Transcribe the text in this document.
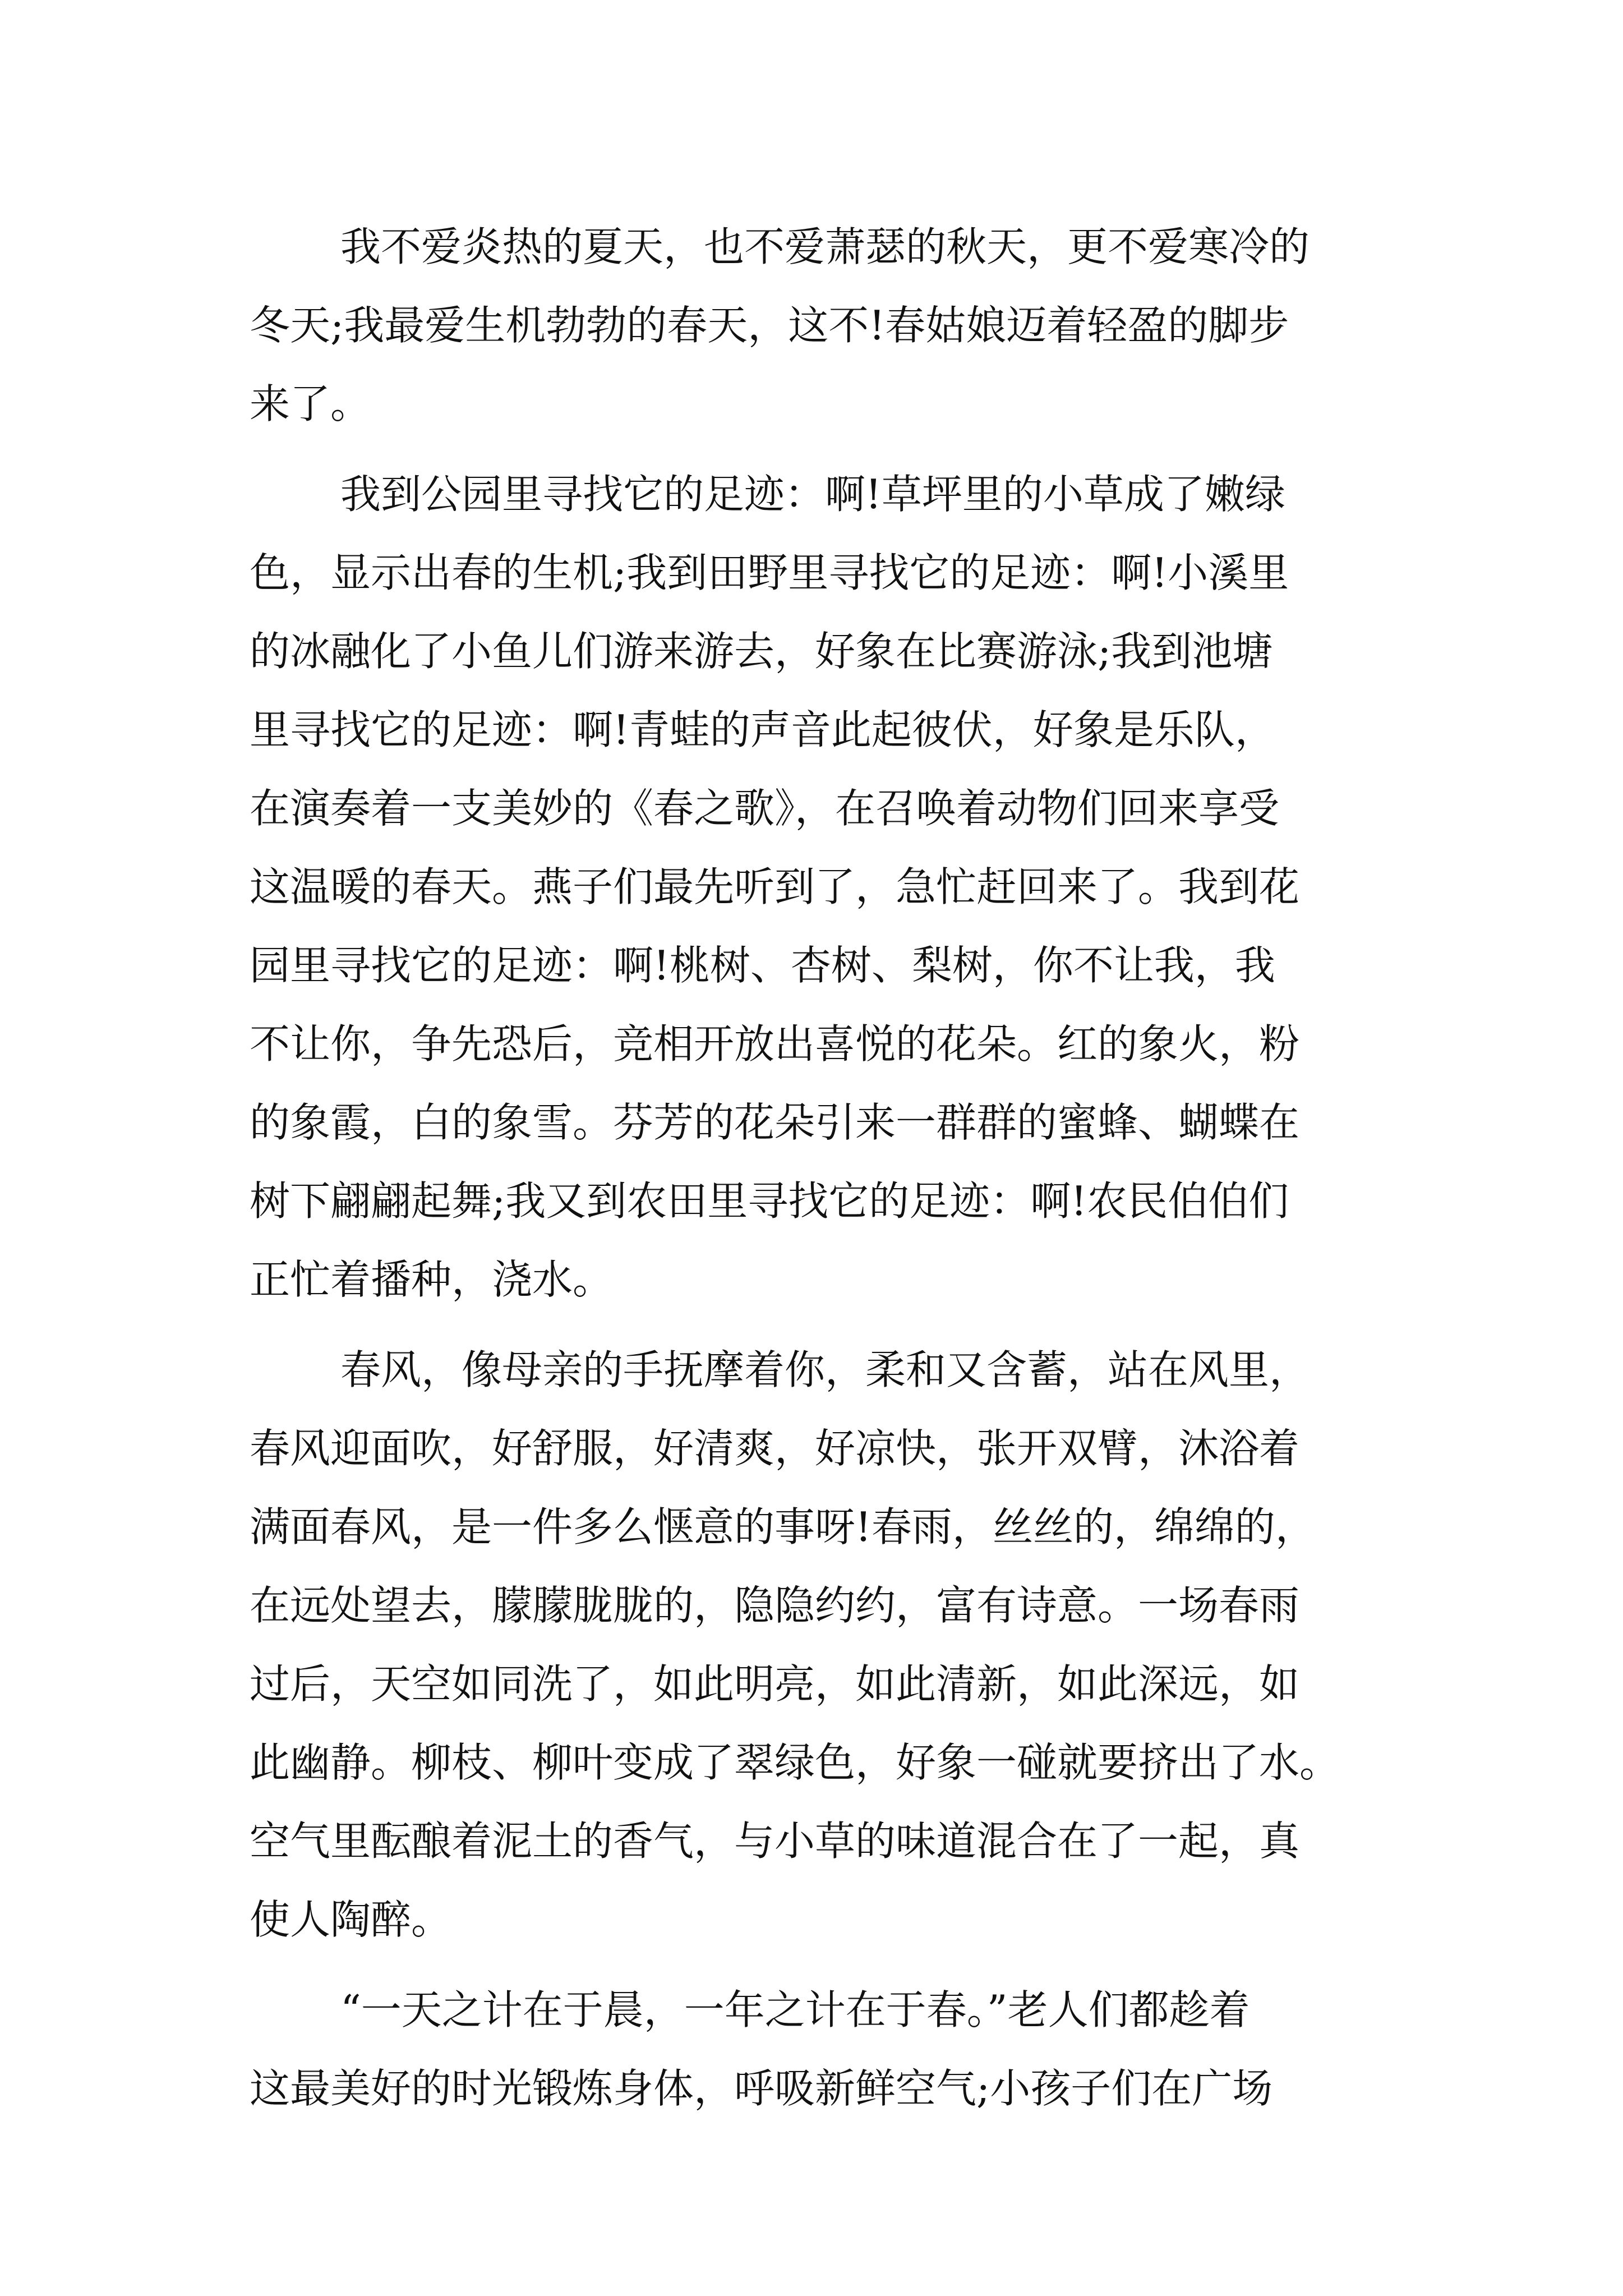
我不爱炎热的夏天，也不爱萧瑟的秋天，更不爱寒冷的
冬天;我最爱生机勃勃的春天，这不!春姑娘迈着轻盈的脚步
来了。
我到公园里寻找它的足迹：啊!草坪里的小草成了嫩绿
色，显示出春的生机;我到田野里寻找它的足迹：啊!小溪里
的冰融化了小鱼儿们游来游去，好象在比赛游泳;我到池塘
里寻找它的足迹：啊!青蛙的声音此起彼伏，好象是乐队，
在演奏着一支美妙的《春之歌》，在召唤着动物们回来享受
这温暖的春天。燕子们最先听到了，急忙赶回来了。我到花
园里寻找它的足迹：啊!桃树、杏树、梨树，你不让我，我
不让你，争先恐后，竞相开放出喜悦的花朵。红的象火，粉
的象霞，白的象雪。芬芳的花朵引来一群群的蜜蜂、蝴蝶在
树下翩翩起舞;我又到农田里寻找它的足迹：啊!农民伯伯们
正忙着播种，浇水。
春风，像母亲的手抚摩着你，柔和又含蓄，站在风里，
春风迎面吹，好舒服，好清爽，好凉快，张开双臂，沐浴着
满面春风，是一件多么惬意的事呀!春雨，丝丝的，绵绵的，
在远处望去，朦朦胧胧的，隐隐约约，富有诗意。一场春雨
过后，天空如同洗了，如此明亮，如此清新，如此深远，如
此幽静。柳枝、柳叶变成了翠绿色，好象一碰就要挤出了水。
空气里酝酿着泥土的香气，与小草的味道混合在了一起，真
使人陶醉。
“一天之计在于晨，一年之计在于春。”老人们都趁着
这最美好的时光锻炼身体，呼吸新鲜空气;小孩子们在广场
